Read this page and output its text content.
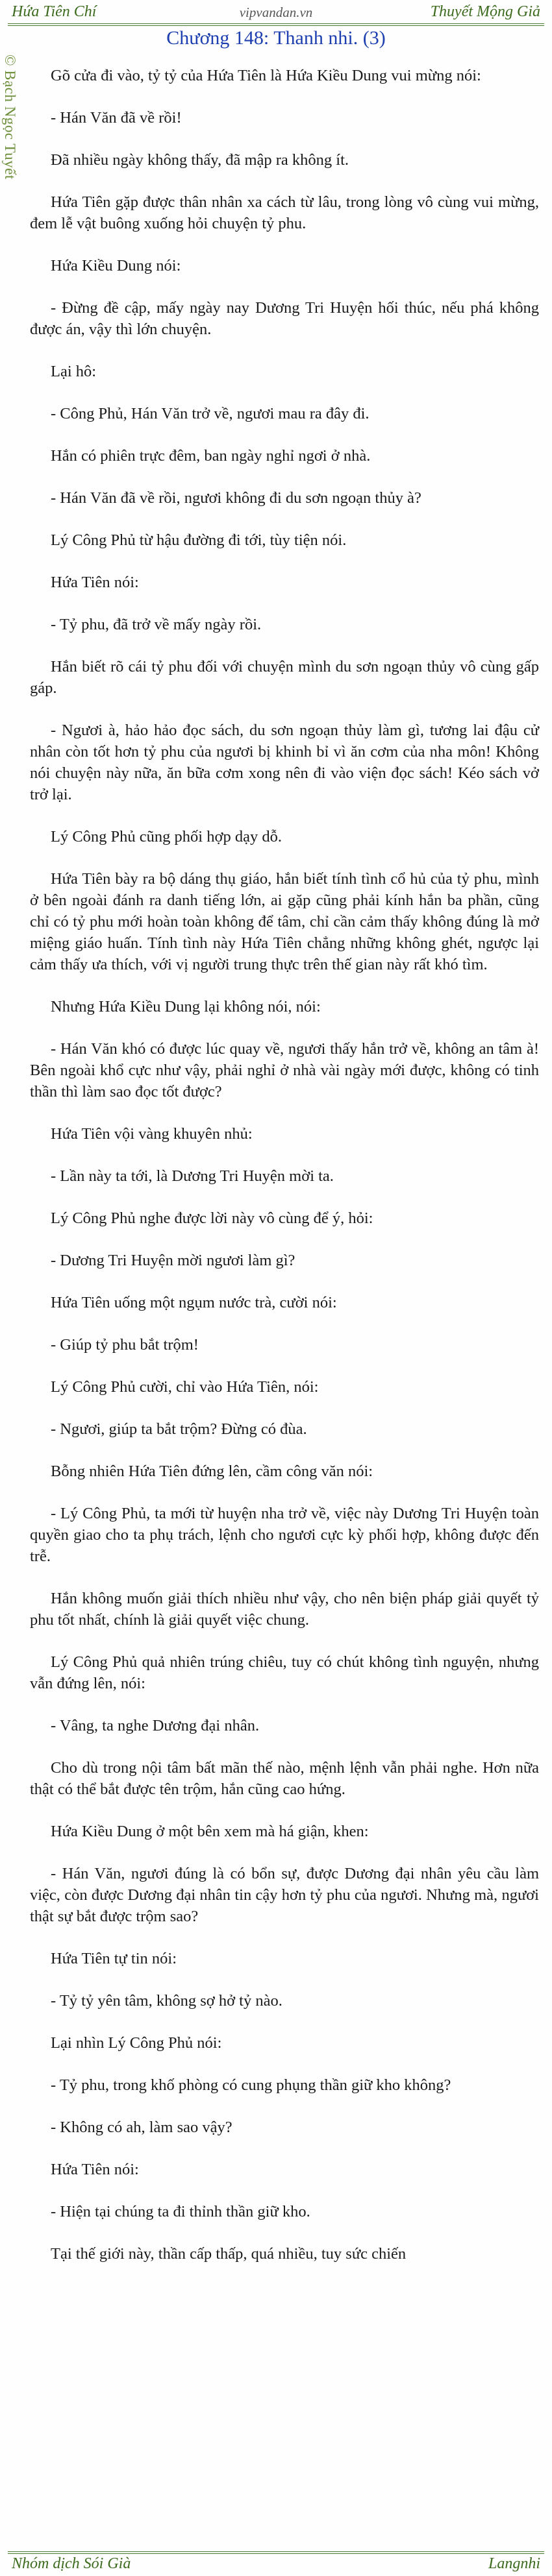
Hứa Tiên Chí	vipvandan.vn	Thuyết Mộng Giả
© Bạch Ngọc Tuyết
Chương 148: Thanh nhi. (3)

Gõ cửa đi vào, tỷ tỷ của Hứa Tiên là Hứa Kiều Dung vui mừng nói:

- Hán Văn đã về rồi!

Đã nhiều ngày không thấy, đã mập ra không ít.

Hứa Tiên gặp được thân nhân xa cách từ lâu, trong lòng vô cùng vui mừng, đem lễ vật buông xuống hỏi chuyện tỷ phu.

Hứa Kiều Dung nói:

- Đừng đề cập, mấy ngày nay Dương Tri Huyện hối thúc, nếu phá không được án, vậy thì lớn chuyện.

Lại hô:

- Công Phủ, Hán Văn trở về, ngươi mau ra đây đi.

Hắn có phiên trực đêm, ban ngày nghỉ ngơi ở nhà.

- Hán Văn đã về rồi, ngươi không đi du sơn ngoạn thủy à?

Lý Công Phủ từ hậu đường đi tới, tùy tiện nói.

Hứa Tiên nói:

- Tỷ phu, đã trở về mấy ngày rồi.

Hắn biết rõ cái tỷ phu đối với chuyện mình du sơn ngoạn thủy vô cùng gấp gáp.

- Ngươi à, hảo hảo đọc sách, du sơn ngoạn thủy làm gì, tương lai đậu cử nhân còn tốt hơn tỷ phu của ngươi bị khinh bỉ vì ăn cơm của nha môn! Không nói chuyện này nữa, ăn bữa cơm xong nên đi vào viện đọc sách! Kéo sách vở trở lại.

Lý Công Phủ cũng phối hợp dạy dỗ.

Hứa Tiên bày ra bộ dáng thụ giáo, hắn biết tính tình cổ hủ của tỷ phu, mình ở bên ngoài đánh ra danh tiếng lớn, ai gặp cũng phải kính hắn ba phần, cũng chỉ có tỷ phu mới hoàn toàn không để tâm, chỉ cần cảm thấy không đúng là mở miệng giáo huấn. Tính tình này Hứa Tiên chẳng những không ghét, ngược lại cảm thấy ưa thích, với vị người trung thực trên thế gian này rất khó tìm.

Nhưng Hứa Kiều Dung lại không nói, nói:

- Hán Văn khó có được lúc quay về, ngươi thấy hắn trở về, không an tâm à! Bên ngoài khổ cực như vậy, phải nghỉ ở nhà vài ngày mới được, không có tinh thần thì làm sao đọc tốt được?

Hứa Tiên vội vàng khuyên nhủ:

- Lần này ta tới, là Dương Tri Huyện mời ta.

Lý Công Phủ nghe được lời này vô cùng để ý, hỏi:

- Dương Tri Huyện mời ngươi làm gì?

Hứa Tiên uống một ngụm nước trà, cười nói:

- Giúp tỷ phu bắt trộm!

Lý Công Phủ cười, chỉ vào Hứa Tiên, nói:

- Ngươi, giúp ta bắt trộm? Đừng có đùa.

Bỗng nhiên Hứa Tiên đứng lên, cầm công văn nói:

- Lý Công Phủ, ta mới từ huyện nha trở về, việc này Dương Tri Huyện toàn quyền giao cho ta phụ trách, lệnh cho ngươi cực kỳ phối hợp, không được đến trễ.

Hắn không muốn giải thích nhiều như vậy, cho nên biện pháp giải quyết tỷ phu tốt nhất, chính là giải quyết việc chung.

Lý Công Phủ quả nhiên trúng chiêu, tuy có chút không tình nguyện, nhưng vẫn đứng lên, nói:

- Vâng, ta nghe Dương đại nhân.

Cho dù trong nội tâm bất mãn thế nào, mệnh lệnh vẫn phải nghe. Hơn nữa thật có thể bắt được tên trộm, hắn cũng cao hứng.

Hứa Kiều Dung ở một bên xem mà há giận, khen:

- Hán Văn, ngươi đúng là có bổn sự, được Dương đại nhân yêu cầu làm việc, còn được Dương đại nhân tin cậy hơn tỷ phu của ngươi. Nhưng mà, ngươi thật sự bắt được trộm sao?

Hứa Tiên tự tin nói:

- Tỷ tỷ yên tâm, không sợ hở tỷ nào.

Lại nhìn Lý Công Phủ nói:

- Tỷ phu, trong khố phòng có cung phụng thần giữ kho không?

- Không có ah, làm sao vậy?

Hứa Tiên nói:

- Hiện tại chúng ta đi thỉnh thần giữ kho.

Tại thế giới này, thần cấp thấp, quá nhiều, tuy sức chiến

Nhóm dịch Sói Già	Langnhi
